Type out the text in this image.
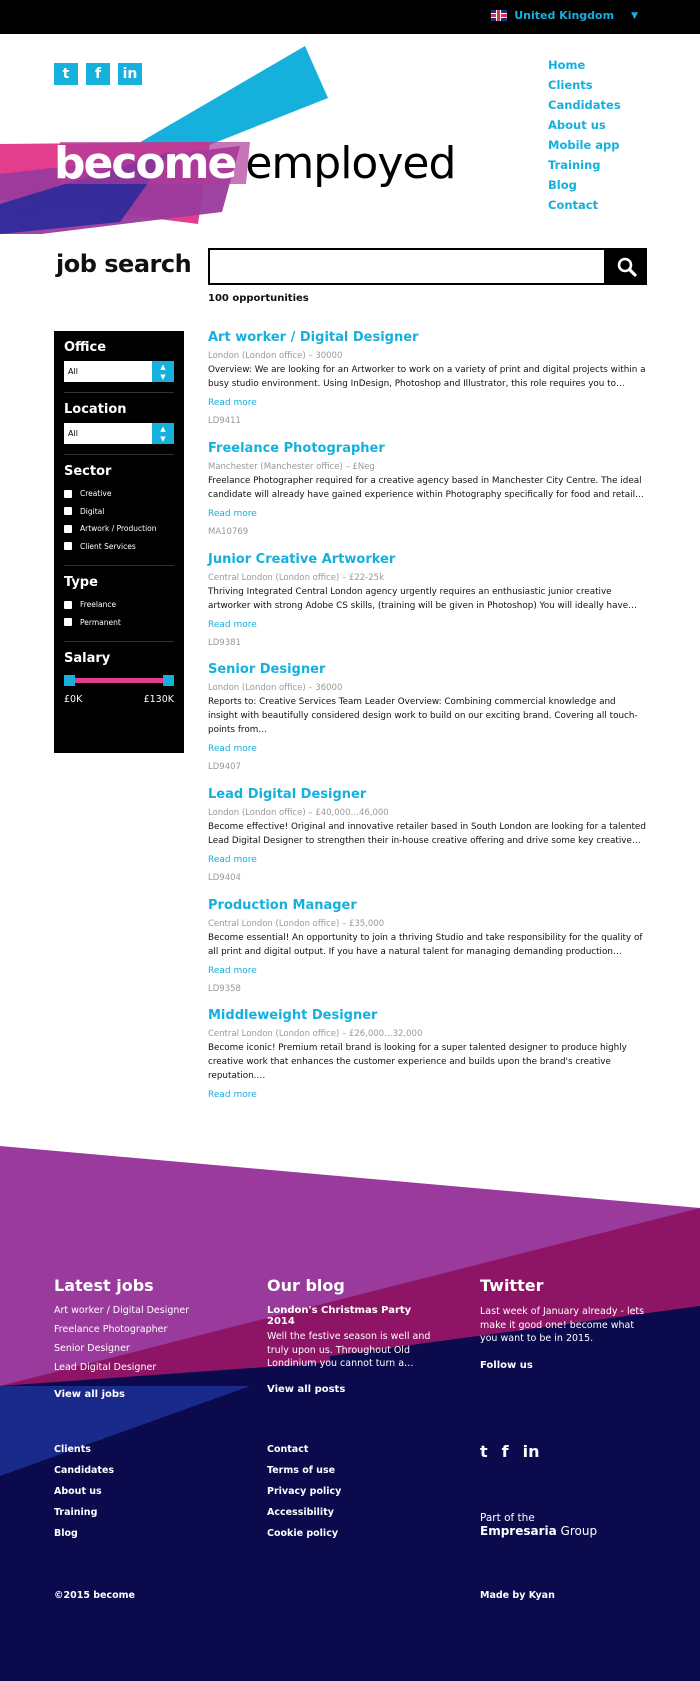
United Kingdom ▼
t	f	in
become employed
Home
Clients
Candidates
About us
Mobile app
Training
Blog
Contact
job search
100 opportunities
Office
All	▲
▼
Location
All	▲
▼
Sector
Creative
Digital
Artwork / Production
Client Services
Type
Freelance
Permanent
Salary
£0K	£130K
Art worker / Digital Designer
London (London office) – 30000
Overview: We are looking for an Artworker to work on a variety of print and digital projects within a busy studio environment. Using InDesign, Photoshop and Illustrator, this role requires you to…
Read more
LD9411
Freelance Photographer
Manchester (Manchester office) – £Neg
Freelance Photographer required for a creative agency based in Manchester City Centre. The ideal candidate will already have gained experience within Photography specifically for food and retail…
Read more
MA10769
Junior Creative Artworker
Central London (London office) – £22-25k
Thriving Integrated Central London agency urgently requires an enthusiastic junior creative artworker with strong Adobe CS skills, (training will be given in Photoshop) You will ideally have…
Read more
LD9381
Senior Designer
London (London office) – 36000
Reports to: Creative Services Team Leader Overview: Combining commercial knowledge and insight with beautifully considered design work to build on our exciting brand. Covering all touch-points from…
Read more
LD9407
Lead Digital Designer
London (London office) – £40,000…46,000
Become effective! Original and innovative retailer based in South London are looking for a talented Lead Digital Designer to strengthen their in-house creative offering and drive some key creative…
Read more
LD9404
Production Manager
Central London (London office) – £35,000
Become essential! An opportunity to join a thriving Studio and take responsibility for the quality of all print and digital output. If you have a natural talent for managing demanding production…
Read more
LD9358
Middleweight Designer
Central London (London office) – £26,000…32,000
Become iconic! Premium retail brand is looking for a super talented designer to produce highly creative work that enhances the customer experience and builds upon the brand's creative reputation.…
Read more
Latest jobs
Art worker / Digital Designer
Freelance Photographer
Senior Designer
Lead Digital Designer
View all jobs
Our blog
London's Christmas Party 2014

Well the festive season is well and truly upon us. Throughout Old Londinium you cannot turn a…

View all posts
Twitter

Last week of January already - lets make it good one! become what you want to be in 2015.

Follow us
Clients
Candidates
About us
Training
Blog
Contact
Terms of use
Privacy policy
Accessibility
Cookie policy
t f in
Part of the
Empresaria Group
©2015 become	Made by Kyan
